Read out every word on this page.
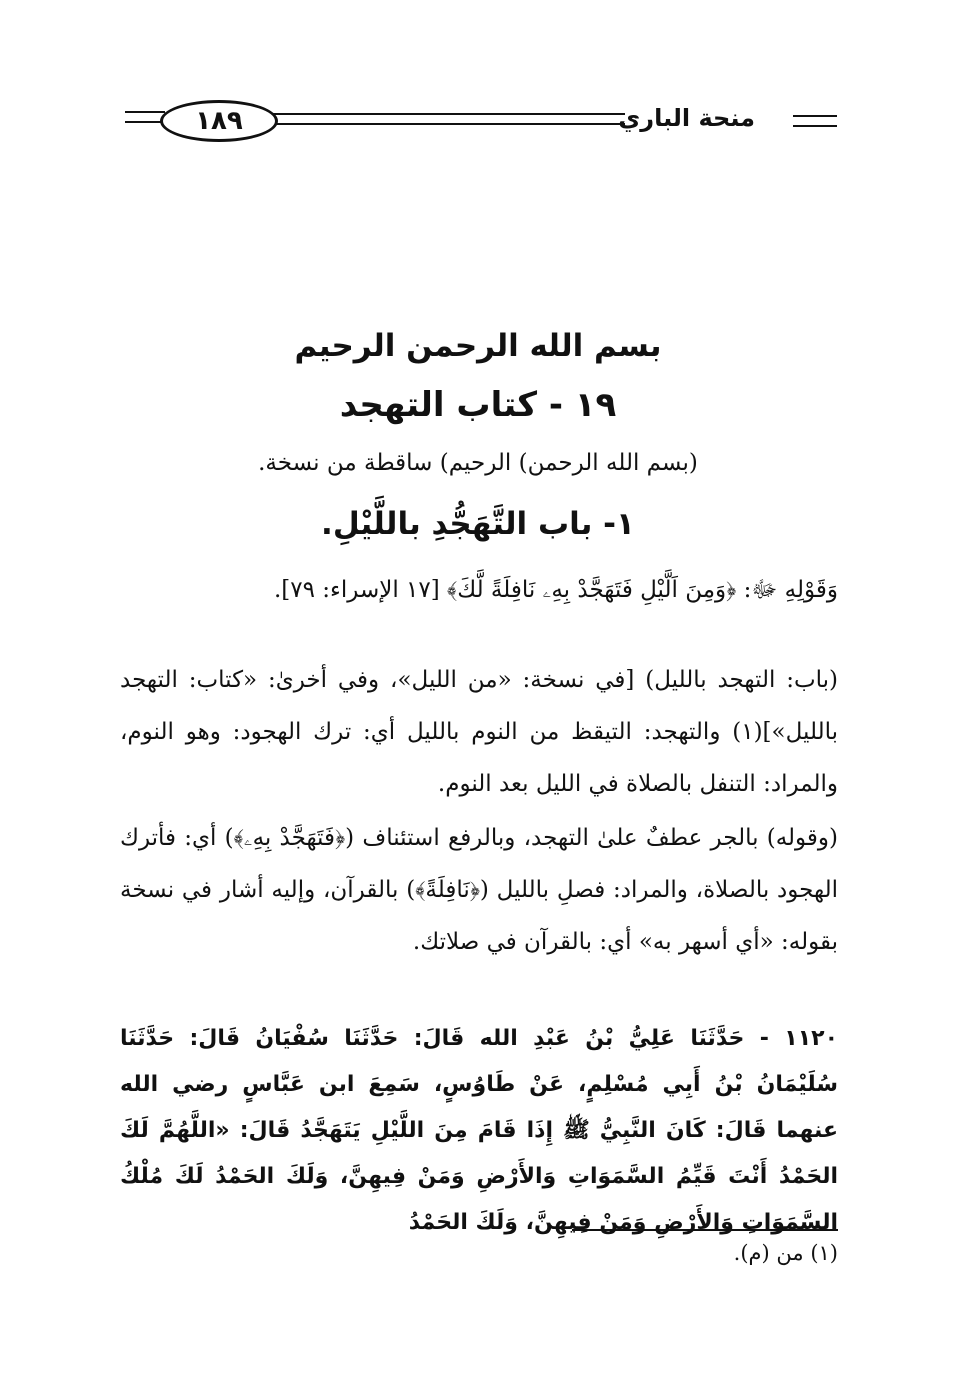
١٨٩	منحة الباري
بسم الله الرحمن الرحيم
١٩ - كتاب التهجد
(بسم الله الرحمن) الرحيم) ساقطة من نسخة.
١- باب التَّهَجُّدِ باللَّيْلِ.
وَقَوْلِهِ ﷻ: ﴿وَمِنَ اَلَّيْلِ فَتَهَجَّدْ بِهِۦ نَافِلَةً لَّكَ﴾ [١٧ الإسراء: ٧٩].
(باب: التهجد بالليل) [في نسخة: «من الليل»، وفي أخرىٰ: «كتاب: التهجد بالليل»](١) والتهجد: التيقظ من النوم بالليل أي: ترك الهجود: وهو النوم، والمراد: التنفل بالصلاة في الليل بعد النوم.
(وقوله) بالجر عطفٌ علىٰ التهجد، وبالرفع استئناف (﴿فَتَهَجَّدْ بِهِۦ﴾) أي: فأترك الهجود بالصلاة، والمراد: فصلِ بالليل (﴿نَافِلَةً﴾) بالقرآن، وإليه أشار في نسخة بقوله: «أي أسهر به» أي: بالقرآن في صلاتك.
١١٢٠ - حَدَّثَنَا عَلِيُّ بْنُ عَبْدِ الله قَالَ: حَدَّثَنَا سُفْيَانُ قَالَ: حَدَّثَنَا سُلَيْمَانُ بْنُ أَبِي مُسْلِمٍ، عَنْ طَاوُسٍ، سَمِعَ ابن عَبَّاسٍ رضي الله عنهما قَالَ: كَانَ النَّبِيُّ ﷺ إِذَا قَامَ مِنَ اللَّيْلِ يَتَهَجَّدُ قَالَ: «اللَّهُمَّ لَكَ الحَمْدُ أَنْتَ قَيِّمُ السَّمَوَاتِ وَالأَرْضِ وَمَنْ فِيهِنَّ، وَلَكَ الحَمْدُ لَكَ مُلْكُ السَّمَوَاتِ وَالأَرْضِ وَمَنْ فِيهِنَّ، وَلَكَ الحَمْدُ
(١) من (م).
